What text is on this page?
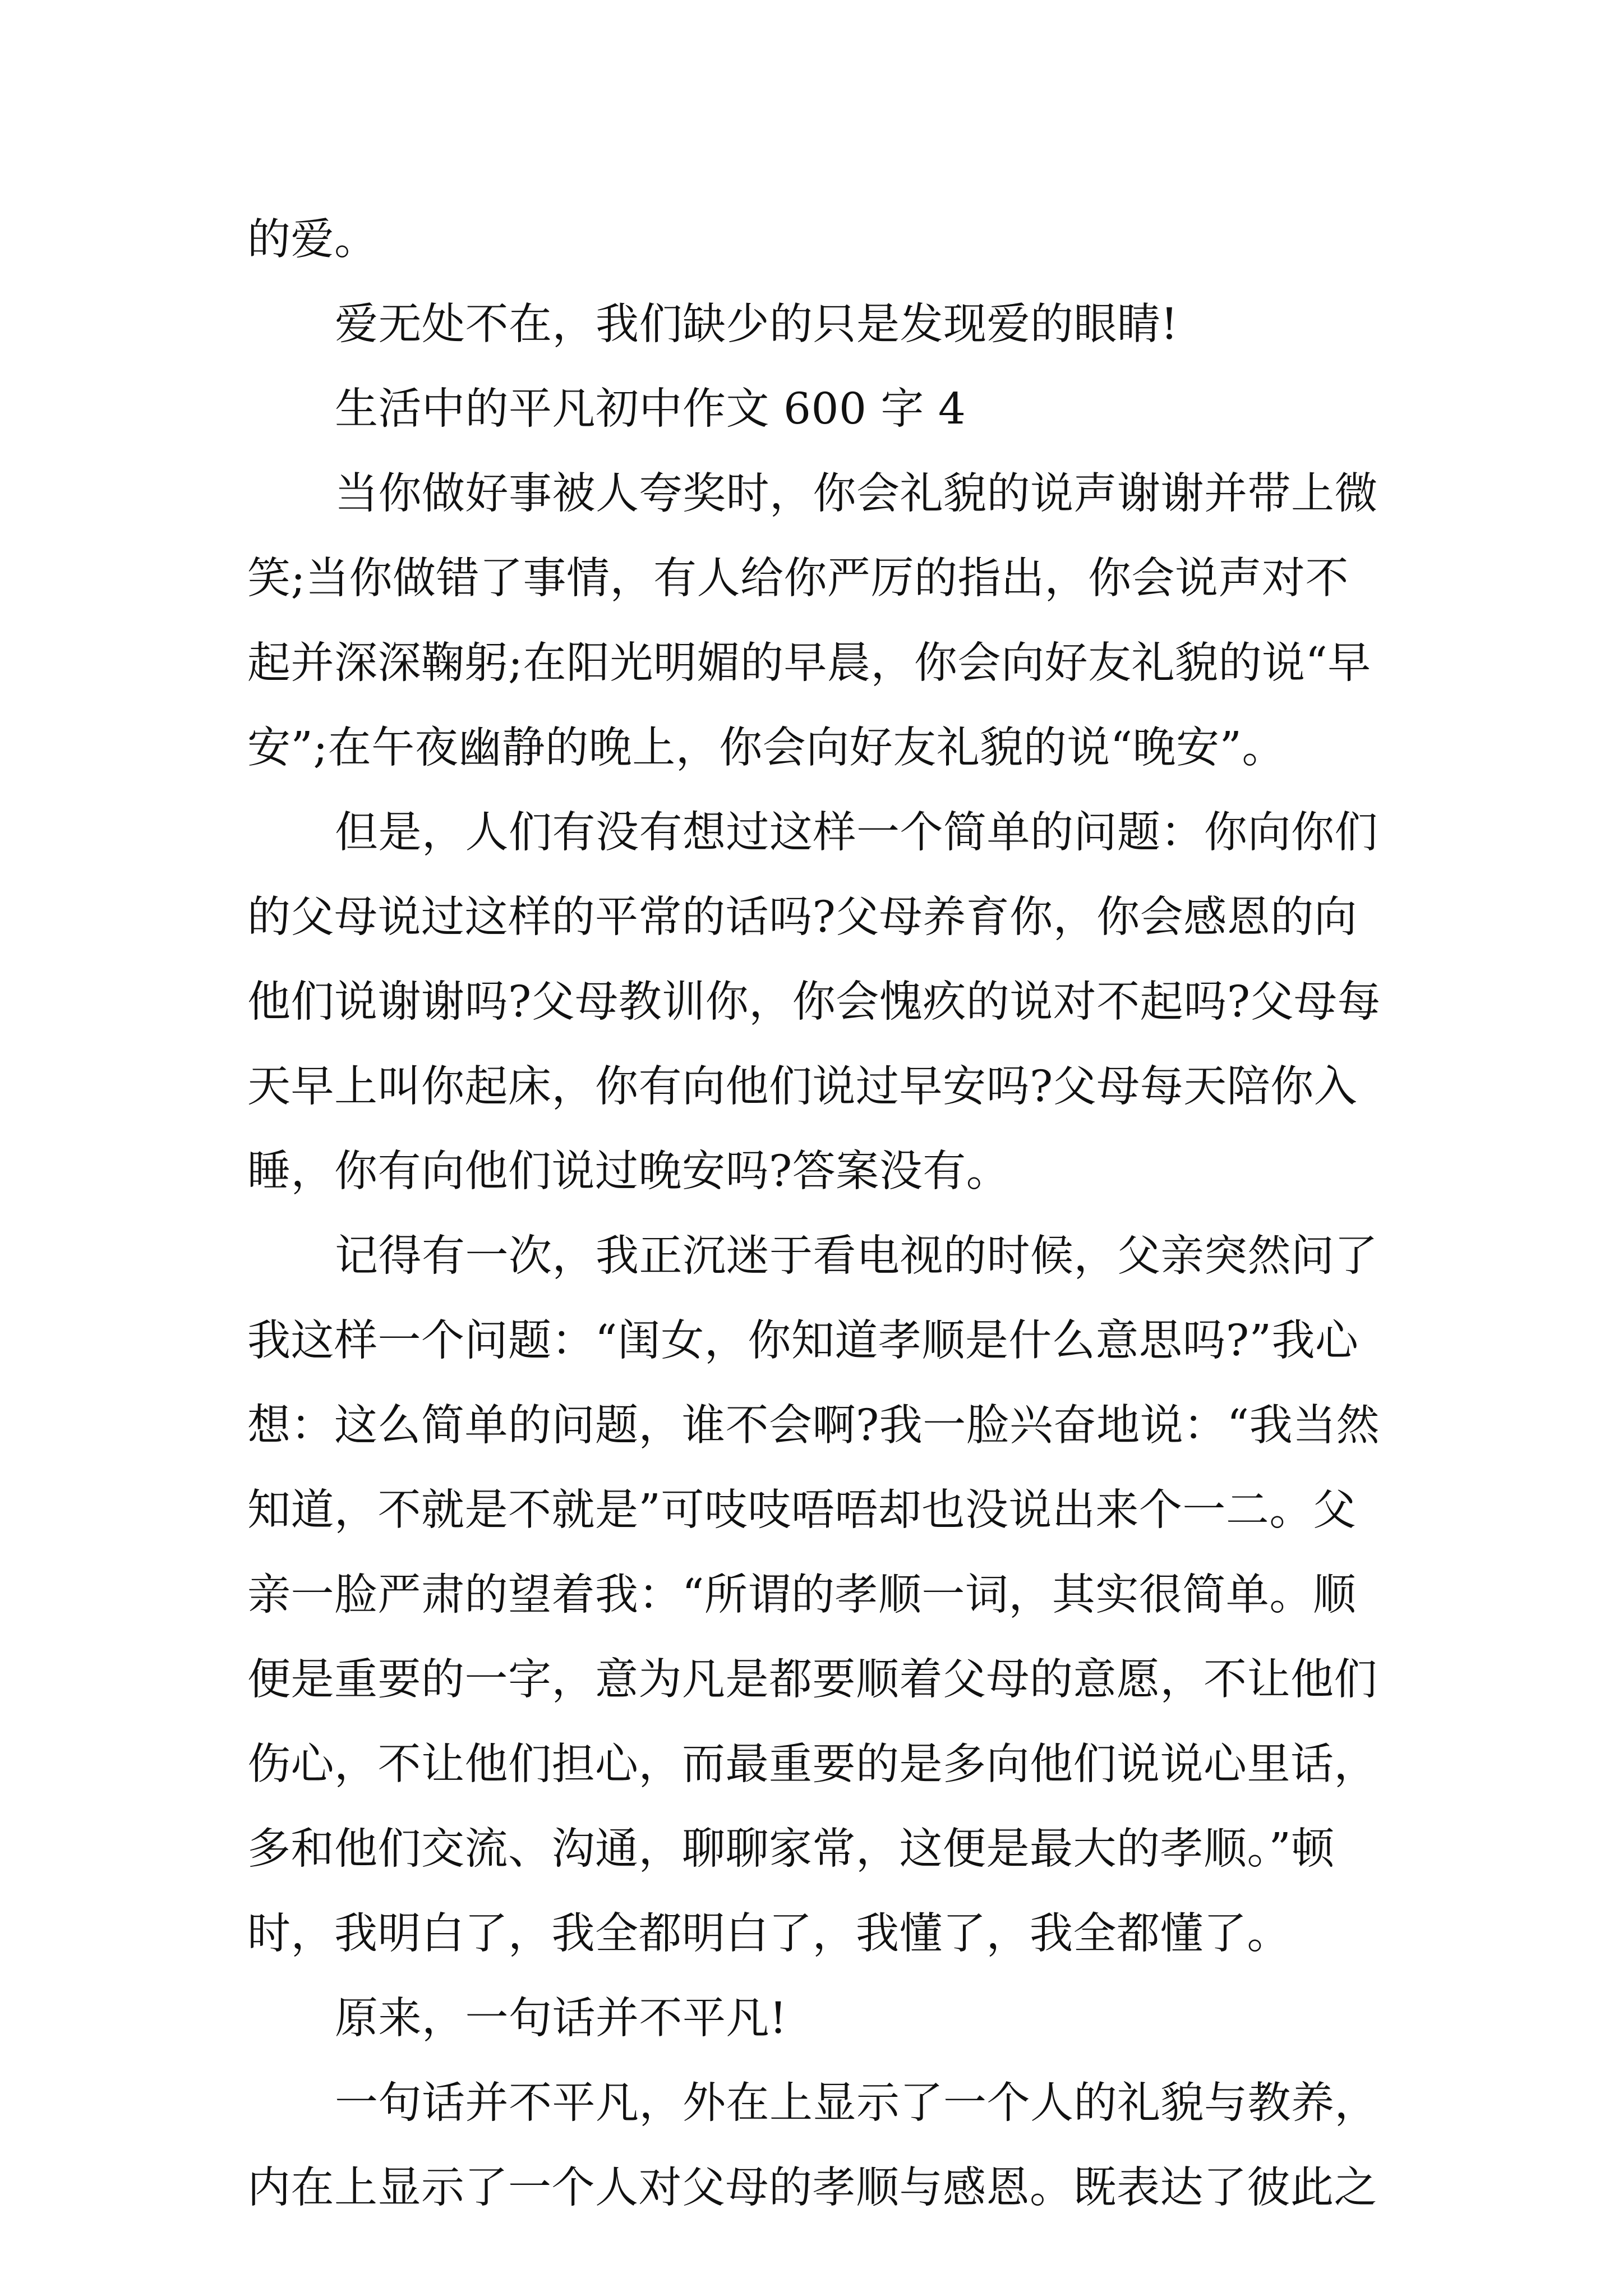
的爱。
爱无处不在，我们缺少的只是发现爱的眼睛!
生活中的平凡初中作文 600 字 4
当你做好事被人夸奖时，你会礼貌的说声谢谢并带上微
笑;当你做错了事情，有人给你严厉的指出，你会说声对不
起并深深鞠躬;在阳光明媚的早晨，你会向好友礼貌的说“早
安”;在午夜幽静的晚上，你会向好友礼貌的说“晚安”。
但是，人们有没有想过这样一个简单的问题：你向你们
的父母说过这样的平常的话吗?父母养育你，你会感恩的向
他们说谢谢吗?父母教训你，你会愧疚的说对不起吗?父母每
天早上叫你起床，你有向他们说过早安吗?父母每天陪你入
睡，你有向他们说过晚安吗?答案没有。
记得有一次，我正沉迷于看电视的时候，父亲突然问了
我这样一个问题：“闺女，你知道孝顺是什么意思吗?”我心
想：这么简单的问题，谁不会啊?我一脸兴奋地说：“我当然
知道，不就是不就是”可吱吱唔唔却也没说出来个一二。父
亲一脸严肃的望着我：“所谓的孝顺一词，其实很简单。顺
便是重要的一字，意为凡是都要顺着父母的意愿，不让他们
伤心，不让他们担心，而最重要的是多向他们说说心里话，
多和他们交流、沟通，聊聊家常，这便是最大的孝顺。”顿
时，我明白了，我全都明白了，我懂了，我全都懂了。
原来，一句话并不平凡!
一句话并不平凡，外在上显示了一个人的礼貌与教养，
内在上显示了一个人对父母的孝顺与感恩。既表达了彼此之
